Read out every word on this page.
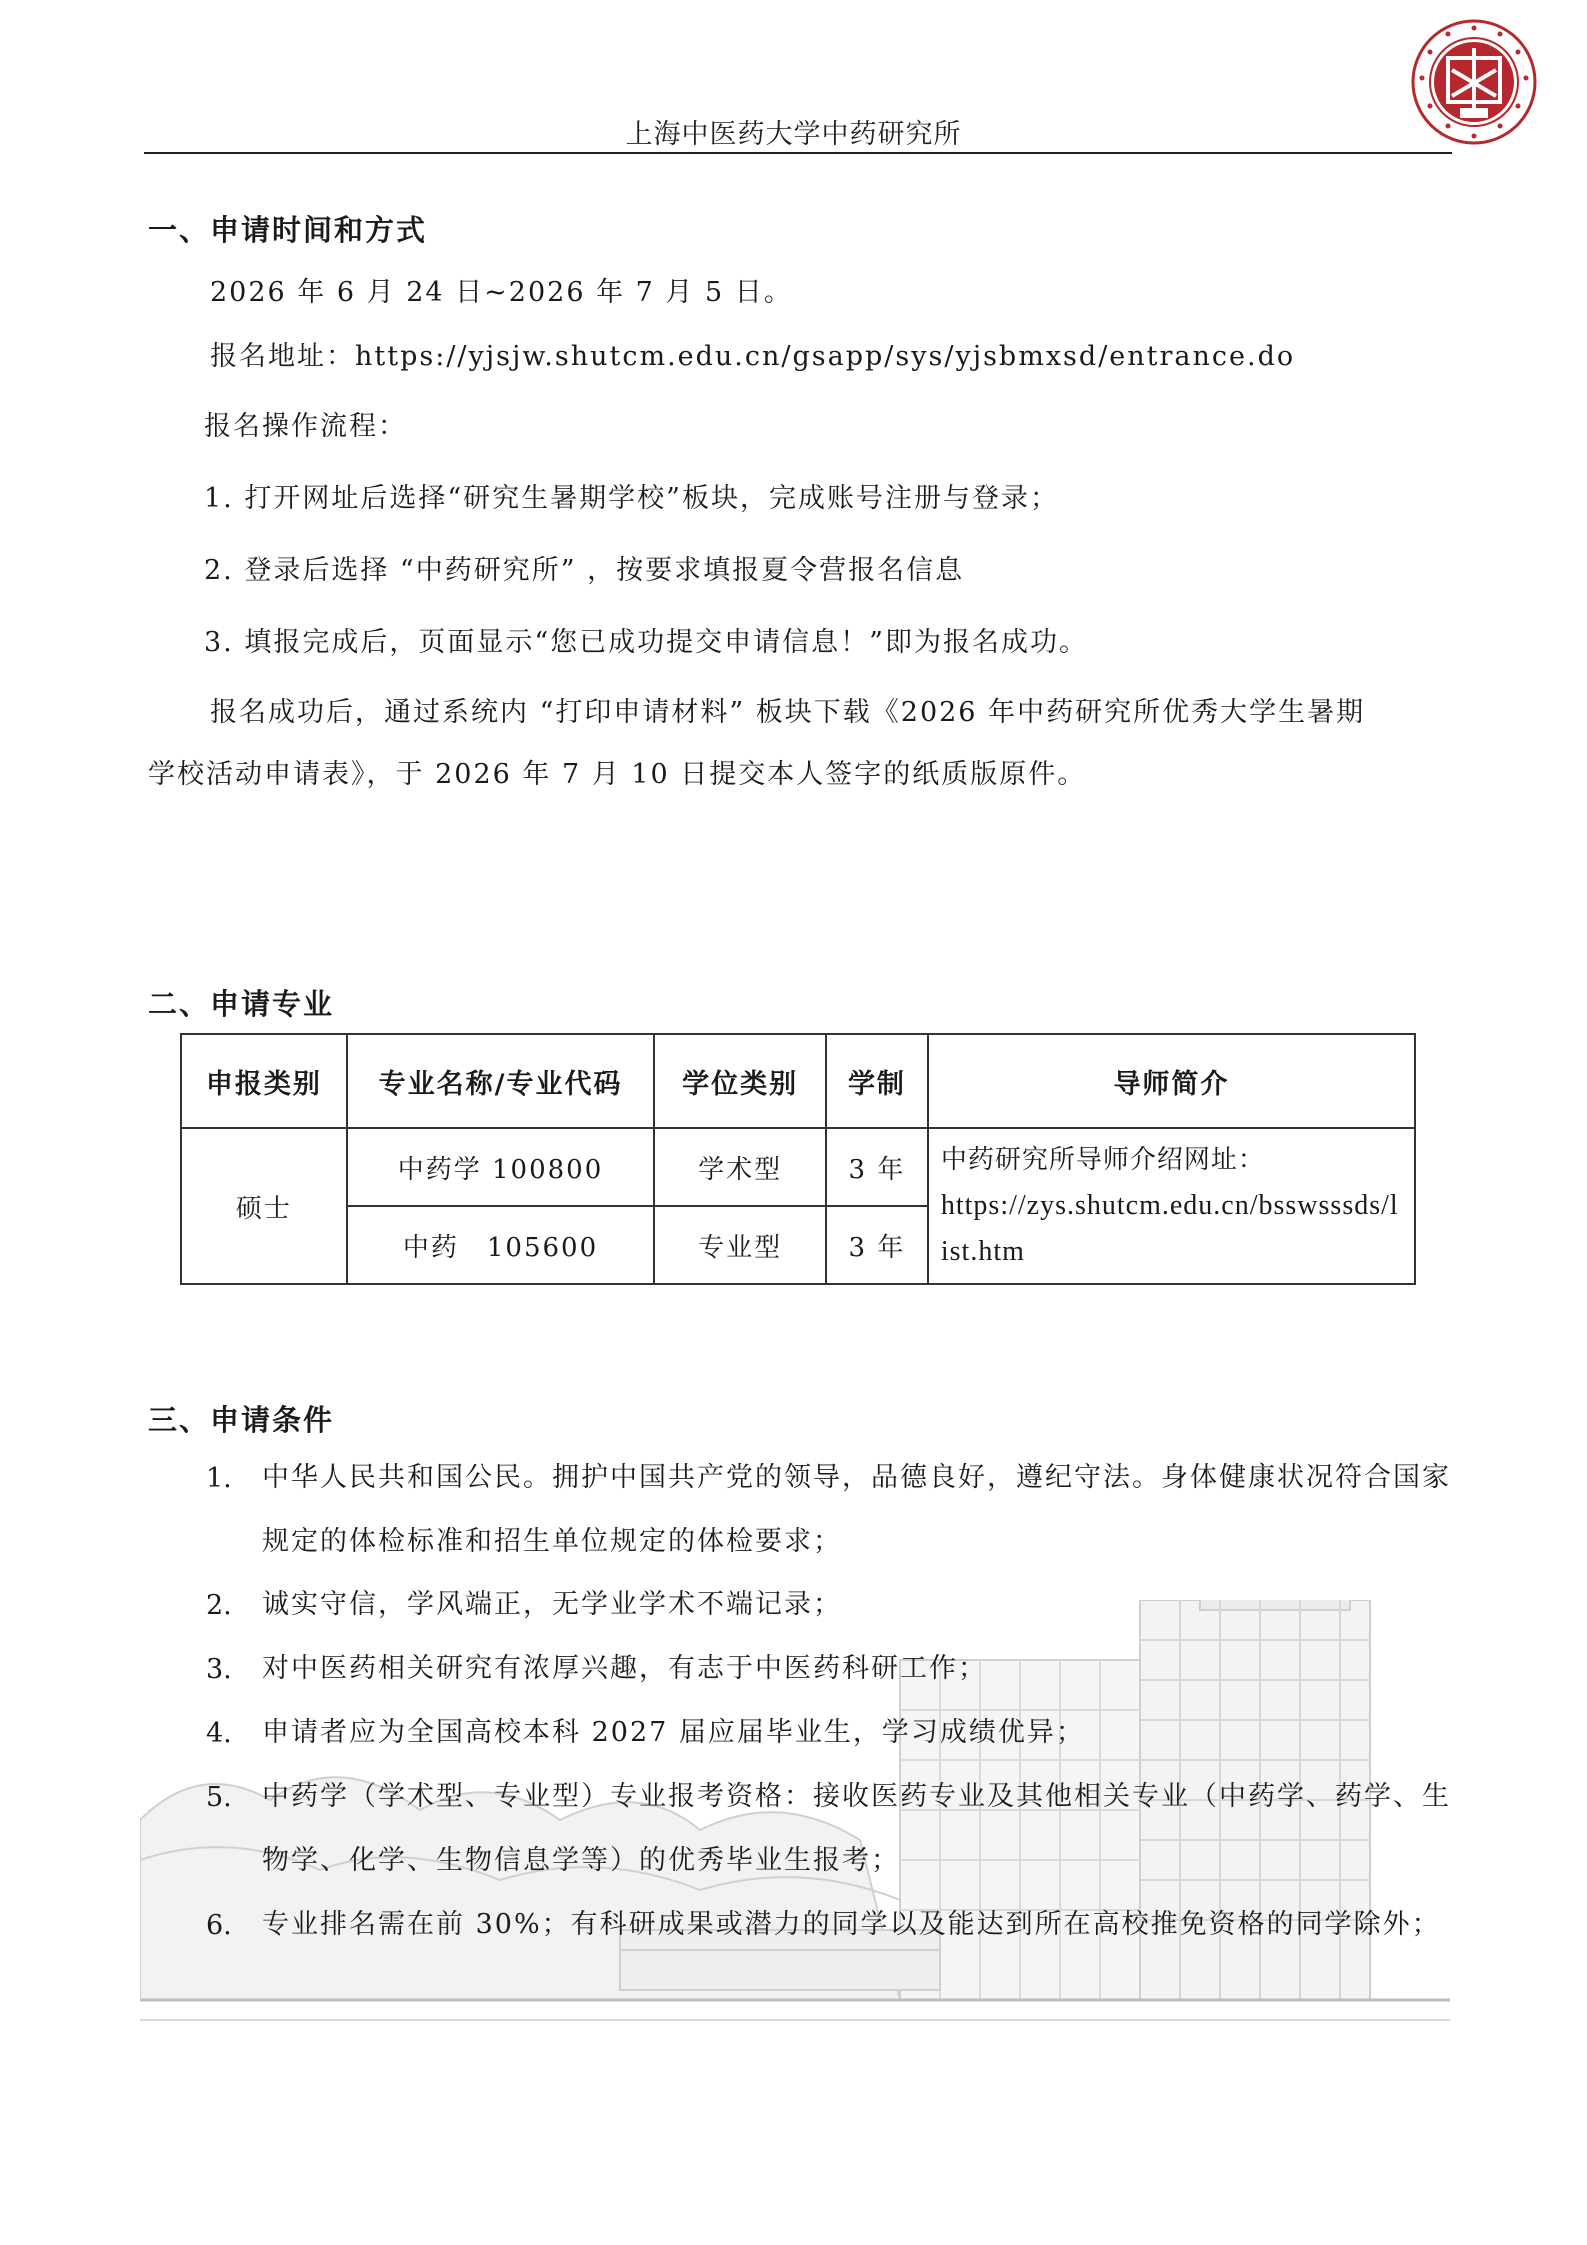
上海中医药大学中药研究所
一、申请时间和方式
2026 年 6 月 24 日~2026 年 7 月 5 日。
报名地址：https://yjsjw.shutcm.edu.cn/gsapp/sys/yjsbmxsd/entrance.do
报名操作流程：
1. 打开网址后选择“研究生暑期学校”板块，完成账号注册与登录；
2. 登录后选择 “中药研究所” ，按要求填报夏令营报名信息
3. 填报完成后，页面显示“您已成功提交申请信息！”即为报名成功。
报名成功后，通过系统内 “打印申请材料” 板块下载《2026 年中药研究所优秀大学生暑期
学校活动申请表》，于 2026 年 7 月 10 日提交本人签字的纸质版原件。
二、申请专业
申报类别	专业名称/专业代码	学位类别	学制	导师简介
硕士	中药学 100800	学术型	3 年	中药研究所导师介绍网址：
https://zys.shutcm.edu.cn/bsswsssds/list.htm

	中药　105600	专业型	3 年	
三、申请条件
1. 中华人民共和国公民。拥护中国共产党的领导，品德良好，遵纪守法。身体健康状况符合国家规定的体检标准和招生单位规定的体检要求；
2. 诚实守信，学风端正，无学业学术不端记录；
3. 对中医药相关研究有浓厚兴趣，有志于中医药科研工作；
4. 申请者应为全国高校本科 2027 届应届毕业生，学习成绩优异；
5. 中药学（学术型、专业型）专业报考资格：接收医药专业及其他相关专业（中药学、药学、生物学、化学、生物信息学等）的优秀毕业生报考；
6. 专业排名需在前 30%；有科研成果或潜力的同学以及能达到所在高校推免资格的同学除外；
